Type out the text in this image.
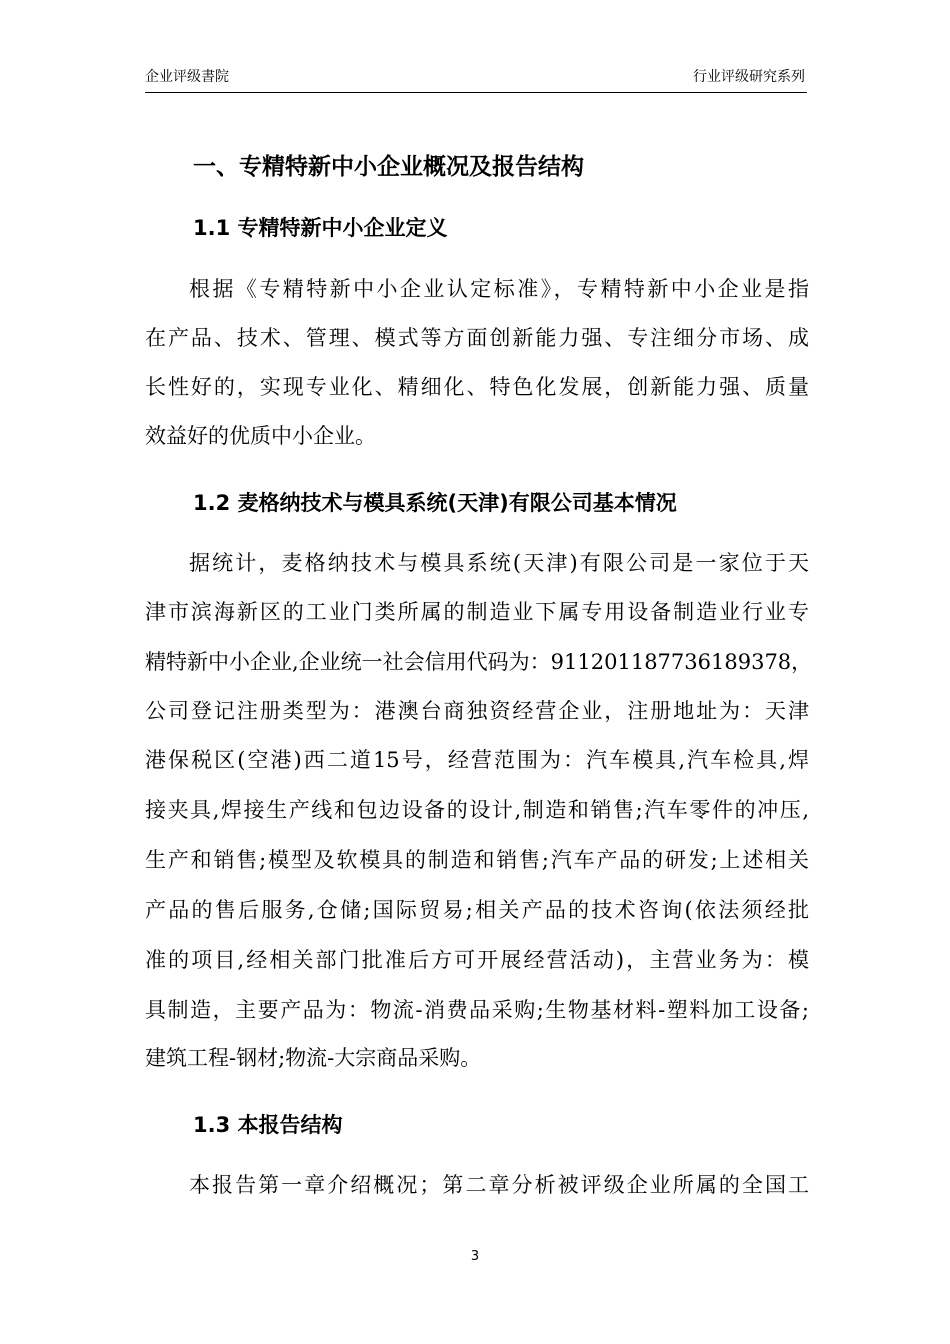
企业评级書院	行业评级研究系列
一、专精特新中小企业概况及报告结构
1.1 专精特新中小企业定义
根据《专精特新中小企业认定标准》，专精特新中小企业是指
在产品、技术、管理、模式等方面创新能力强、专注细分市场、成
长性好的，实现专业化、精细化、特色化发展，创新能力强、质量
效益好的优质中小企业。
1.2 麦格纳技术与模具系统(天津)有限公司基本情况
据统计，麦格纳技术与模具系统(天津)有限公司是一家位于天
津市滨海新区的工业门类所属的制造业下属专用设备制造业行业专
精特新中小企业,企业统一社会信用代码为：911201187736189378，
公司登记注册类型为：港澳台商独资经营企业，注册地址为：天津
港保税区(空港)西二道15号，经营范围为：汽车模具,汽车检具,焊
接夹具,焊接生产线和包边设备的设计,制造和销售;汽车零件的冲压,
生产和销售;模型及软模具的制造和销售;汽车产品的研发;上述相关
产品的售后服务,仓储;国际贸易;相关产品的技术咨询(依法须经批
准的项目,经相关部门批准后方可开展经营活动)，主营业务为：模
具制造，主要产品为：物流-消费品采购;生物基材料-塑料加工设备;
建筑工程-钢材;物流-大宗商品采购。
1.3 本报告结构
本报告第一章介绍概况；第二章分析被评级企业所属的全国工
3
